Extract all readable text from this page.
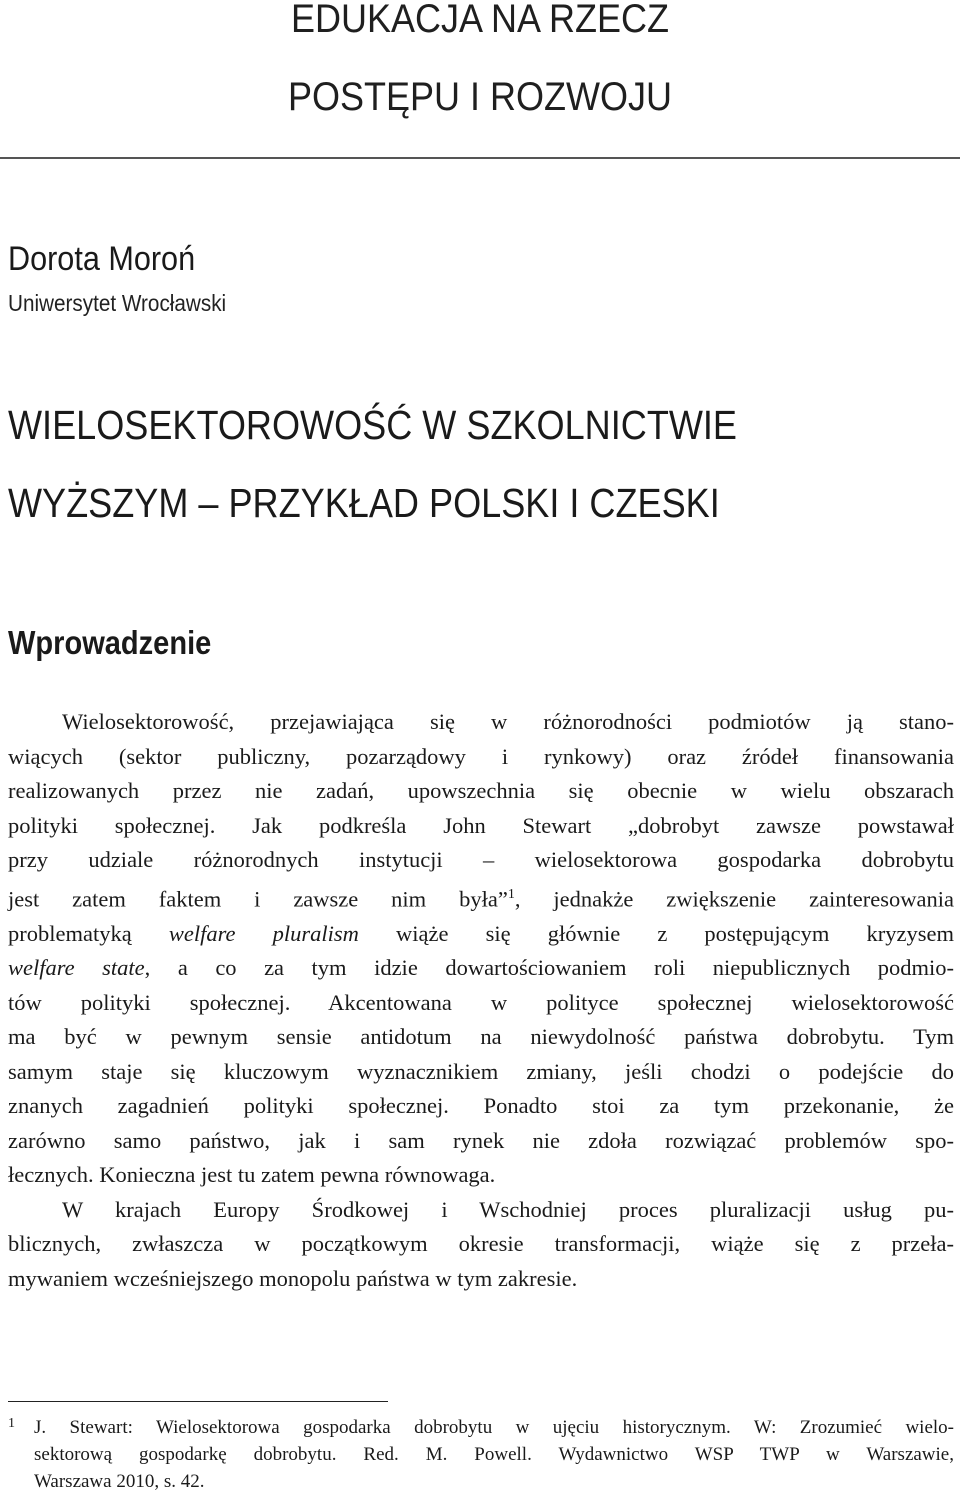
EDUKACJA NA RZECZ
POSTĘPU I ROZWOJU
Dorota Moroń
Uniwersytet Wrocławski
WIELOSEKTOROWOŚĆ W SZKOLNICTWIE
WYŻSZYM – PRZYKŁAD POLSKI I CZESKI
Wprowadzenie
Wielosektorowość, przejawiająca się w różnorodności podmiotów ją stano-
wiących (sektor publiczny, pozarządowy i rynkowy) oraz źródeł finansowania
realizowanych przez nie zadań, upowszechnia się obecnie w wielu obszarach
polityki społecznej. Jak podkreśla John Stewart „dobrobyt zawsze powstawał
przy udziale różnorodnych instytucji – wielosektorowa gospodarka dobrobytu
jest zatem faktem i zawsze nim była”$^1$, jednakże zwiększenie zainteresowania
problematyką welfare pluralism wiąże się głównie z postępującym kryzysem
welfare state, a co za tym idzie dowartościowaniem roli niepublicznych podmio-
tów polityki społecznej. Akcentowana w polityce społecznej wielosektorowość
ma być w pewnym sensie antidotum na niewydolność państwa dobrobytu. Tym
samym staje się kluczowym wyznacznikiem zmiany, jeśli chodzi o podejście do
znanych zagadnień polityki społecznej. Ponadto stoi za tym przekonanie, że
zarówno samo państwo, jak i sam rynek nie zdoła rozwiązać problemów spo-
łecznych. Konieczna jest tu zatem pewna równowaga.
W krajach Europy Środkowej i Wschodniej proces pluralizacji usług pu-
blicznych, zwłaszcza w początkowym okresie transformacji, wiąże się z przeła-
mywaniem wcześniejszego monopolu państwa w tym zakresie.
1 J. Stewart: Wielosektorowa gospodarka dobrobytu w ujęciu historycznym. W: Zrozumieć wielo-
sektorową gospodarkę dobrobytu. Red. M. Powell. Wydawnictwo WSP TWP w Warszawie,
Warszawa 2010, s. 42.
